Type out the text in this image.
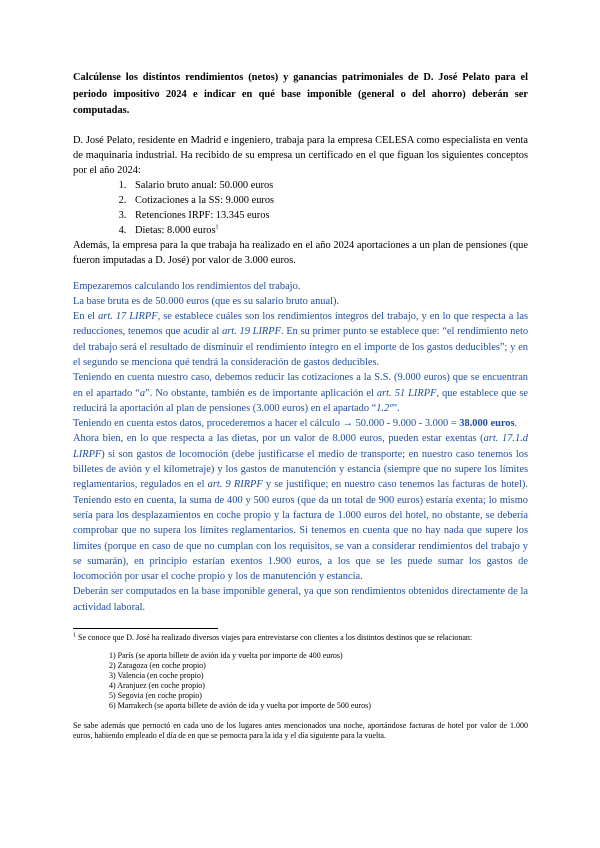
Calcúlense los distintos rendimientos (netos) y ganancias patrimoniales de D. José Pelato para el periodo impositivo 2024 e indicar en qué base imponible (general o del ahorro) deberán ser computadas.

D. José Pelato, residente en Madrid e ingeniero, trabaja para la empresa CELESA como especialista en venta de maquinaria industrial. Ha recibido de su empresa un certificado en el que figuan los siguientes conceptos por el año 2024:

1. Salario bruto anual: 50.000 euros
2. Cotizaciones a la SS: 9.000 euros
3. Retenciones IRPF: 13.345 euros
4. Dietas: 8.000 euros$^1$

Además, la empresa para la que trabaja ha realizado en el año 2024 aportaciones a un plan de pensiones (que fueron imputadas a D. José) por valor de 3.000 euros.

Empezaremos calculando los rendimientos del trabajo.

La base bruta es de 50.000 euros (que es su salario bruto anual).

En el art. 17 LIRPF, se establece cuáles son los rendimientos íntegros del trabajo, y en lo que respecta a las reducciones, tenemos que acudir al art. 19 LIRPF. En su primer punto se establece que: “el rendimiento neto del trabajo será el resultado de disminuir el rendimiento íntegro en el importe de los gastos deducibles”; y en el segundo se menciona qué tendrá la consideración de gastos deducibles.

Teniendo en cuenta nuestro caso, debemos reducir las cotizaciones a la S.S. (9.000 euros) que se encuentran en el apartado “a”. No obstante, también es de importante aplicación el art. 51 LIRPF, que establece que se reducirá la aportación al plan de pensiones (3.000 euros) en el apartado “1.2º”.

Teniendo en cuenta estos datos, procederemos a hacer el cálculo → 50.000 - 9.000 - 3.000 = 38.000 euros.

Ahora bien, en lo que respecta a las dietas, por un valor de 8.000 euros, pueden estar exentas (art. 17.1.d LIRPF) si son gastos de locomoción (debe justificarse el medio de transporte; en nuestro caso tenemos los billetes de avión y el kilometraje) y los gastos de manutención y estancia (siempre que no supere los límites reglamentarios, regulados en el art. 9 RIRPF y se justifique; en nuestro caso tenemos las facturas de hotel). Teniendo esto en cuenta, la suma de 400 y 500 euros (que da un total de 900 euros) estaría exenta; lo mismo sería para los desplazamientos en coche propio y la factura de 1.000 euros del hotel, no obstante, se debería comprobar que no supera los límites reglamentarios. Si tenemos en cuenta que no hay nada que supere los límites (porque en caso de que no cumplan con los requisitos, se van a considerar rendimientos del trabajo y se sumarán), en principio estarían exentos 1.900 euros, a los que se les puede sumar los gastos de locomoción por usar el coche propio y los de manutención y estancia.

Deberán ser computados en la base imponible general, ya que son rendimientos obtenidos directamente de la actividad laboral.

$^1$ Se conoce que D. José ha realizado diversos viajes para entrevistarse con clientes a los distintos destinos que se relacionan:

1) París (se aporta billete de avión ida y vuelta por importe de 400 euros)
2) Zaragoza (en coche propio)
3) Valencia (en coche propio)
4) Aranjuez (en coche propio)
5) Segovia (en coche propio)
6) Marrakech (se aporta billete de avión de ida y vuelta por importe de 500 euros)

Se sabe además que pernoctó en cada uno de los lugares antes mencionados una noche, aportándose facturas de hotel por valor de 1.000 euros, habiendo empleado el día de en que se pernocta para la ida y el día siguiente para la vuelta.
